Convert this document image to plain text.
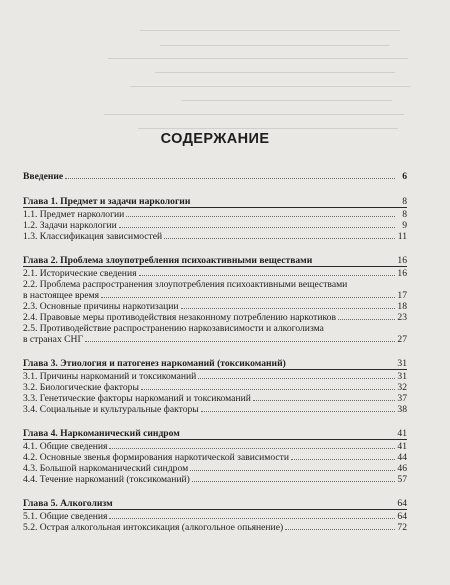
СОДЕРЖАНИЕ
Введение	6
Глава 1. Предмет и задачи наркологии	8
1.1. Предмет наркологии	8
1.2. Задачи наркологии	9
1.3. Классификация зависимостей	11
Глава 2. Проблема злоупотребления психоактивными веществами	16
2.1. Исторические сведения	16
2.2. Проблема распространения злоупотребления психоактивными веществами
в настоящее время	17
2.3. Основные причины наркотизации	18
2.4. Правовые меры противодействия незаконному потреблению наркотиков	23
2.5. Противодействие распространению наркозависимости и алкоголизма
в странах СНГ	27
Глава 3. Этиология и патогенез наркоманий (токсикоманий)	31
3.1. Причины наркоманий и токсикоманий	31
3.2. Биологические факторы	32
3.3. Генетические факторы наркоманий и токсикоманий	37
3.4. Социальные и культуральные факторы	38
Глава 4. Наркоманический синдром	41
4.1. Общие сведения	41
4.2. Основные звенья формирования наркотической зависимости	44
4.3. Большой наркоманический синдром	46
4.4. Течение наркоманий (токсикоманий)	57
Глава 5. Алкоголизм	64
5.1. Общие сведения	64
5.2. Острая алкогольная интоксикация (алкогольное опьянение)	72
